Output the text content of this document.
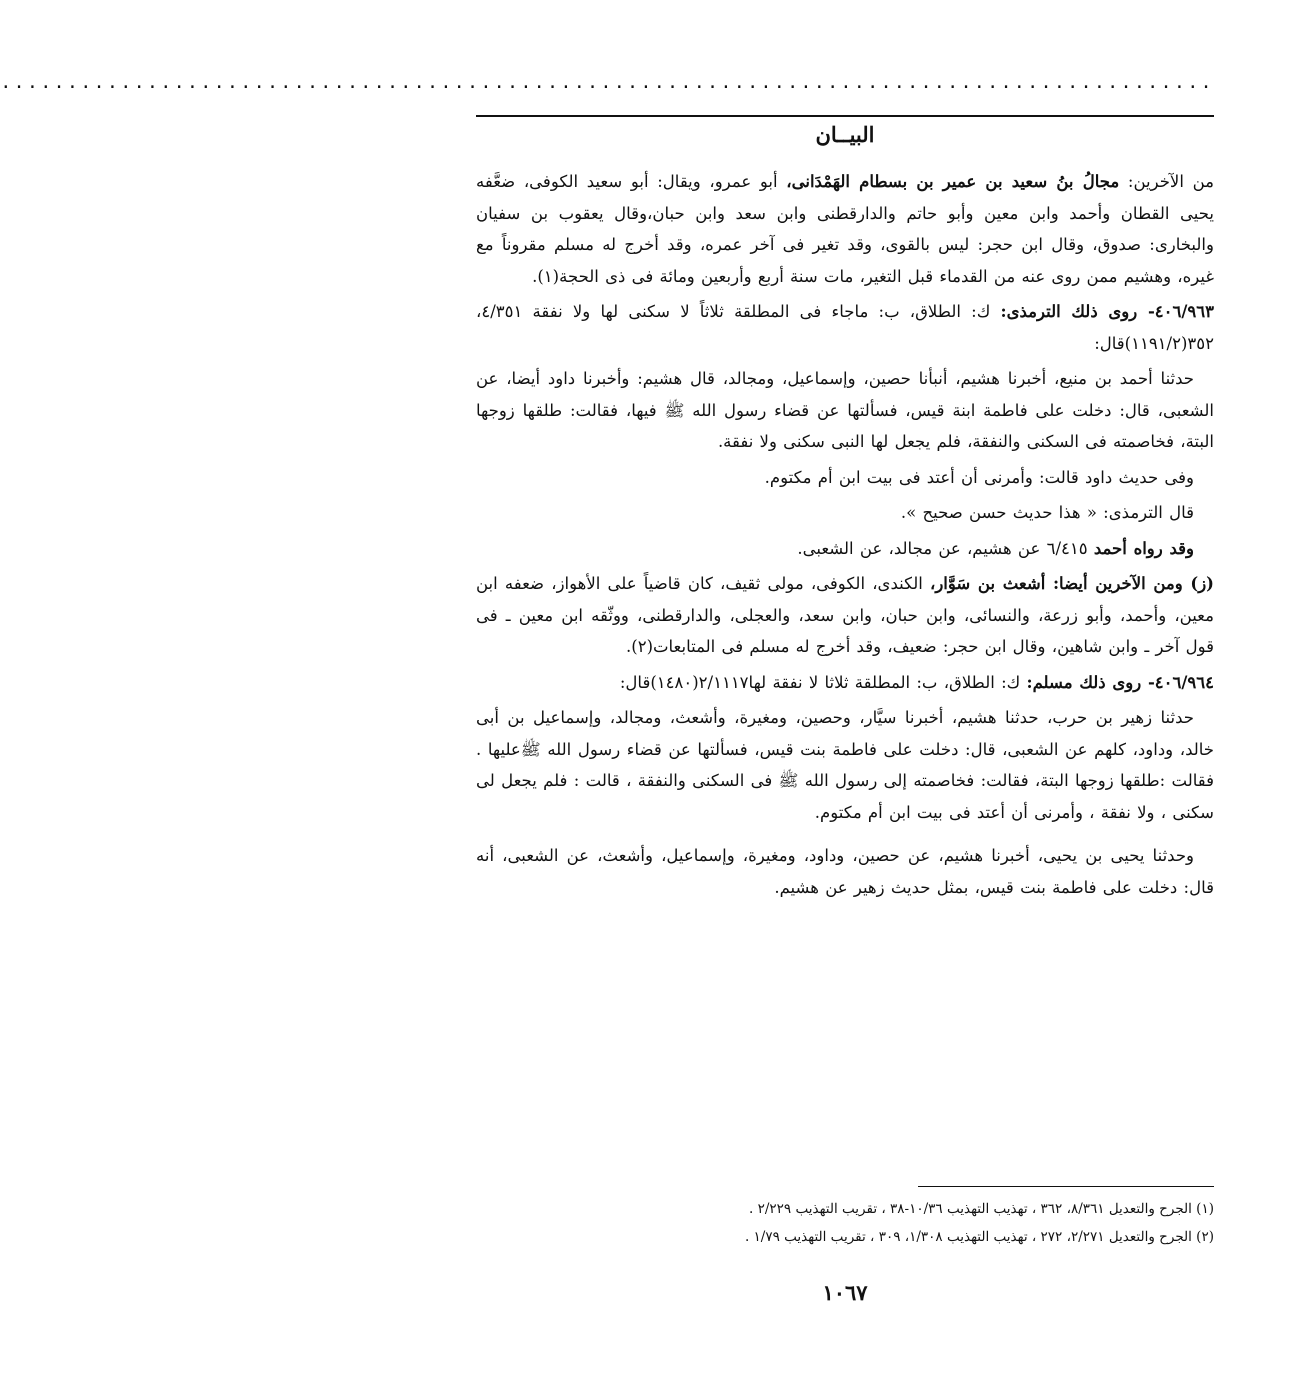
...........................................................................................
البيــان

من الآخرين: مجالُ بنُ سعيد بن عمير بن بسطام الهَمْدَانى، أبو عمرو، ويقال: أبو سعيد الكوفى، ضعَّفه يحيى القطان وأحمد وابن معين وأبو حاتم والدارقطنى وابن سعد وابن حبان،وقال يعقوب بن سفيان والبخارى: صدوق، وقال ابن حجر: ليس بالقوى، وقد تغير فى آخر عمره، وقد أخرج له مسلم مقروناً مع غيره، وهشيم ممن روى عنه من القدماء قبل التغير، مات سنة أربع وأربعين ومائة فى ذى الحجة(١).

٤٠٦/٩٦٣- روى ذلك الترمذى: ك: الطلاق، ب: ماجاء فى المطلقة ثلاثاً لا سكنى لها ولا نفقة ٤/٣٥١، ٣٥٢(١١٩١/٢)قال:

حدثنا أحمد بن منيع، أخبرنا هشيم، أنبأنا حصين، وإسماعيل، ومجالد، قال هشيم: وأخبرنا داود أيضا، عن الشعبى، قال: دخلت على فاطمة ابنة قيس، فسألتها عن قضاء رسول الله ﷺ فيها، فقالت: طلقها زوجها البتة، فخاصمته فى السكنى والنفقة، فلم يجعل لها النبى سكنى ولا نفقة.

وفى حديث داود قالت: وأمرنى أن أعتد فى بيت ابن أم مكتوم.

قال الترمذى: « هذا حديث حسن صحيح ».

وقد رواه أحمد ٦/٤١٥ عن هشيم، عن مجالد، عن الشعبى.

(ز) ومن الآخرين أيضا: أشعث بن سَوَّار، الكندى، الكوفى، مولى ثقيف، كان قاضياً على الأهواز، ضعفه ابن معين، وأحمد، وأبو زرعة، والنسائى، وابن حبان، وابن سعد، والعجلى، والدارقطنى، ووثّقه ابن معين ـ فى قول آخر ـ وابن شاهين، وقال ابن حجر: ضعيف، وقد أخرج له مسلم فى المتابعات(٢).

٤٠٦/٩٦٤- روى ذلك مسلم: ك: الطلاق، ب: المطلقة ثلاثا لا نفقة لها٢/١١١٧(١٤٨٠)قال:

حدثنا زهير بن حرب، حدثنا هشيم، أخبرنا سيَّار، وحصين، ومغيرة، وأشعث، ومجالد، وإسماعيل بن أبى خالد، وداود، كلهم عن الشعبى، قال: دخلت على فاطمة بنت قيس، فسألتها عن قضاء رسول الله ﷺعليها . فقالت :طلقها زوجها البتة، فقالت: فخاصمته إلى رسول الله ﷺ فى السكنى والنفقة ، قالت : فلم يجعل لى سكنى ، ولا نفقة ، وأمرنى أن أعتد فى بيت ابن أم مكتوم.

وحدثنا يحيى بن يحيى، أخبرنا هشيم، عن حصين، وداود، ومغيرة، وإسماعيل، وأشعث، عن الشعبى، أنه قال: دخلت على فاطمة بنت قيس، بمثل حديث زهير عن هشيم.

(١) الجرح والتعديل ٨/٣٦١، ٣٦٢ ، تهذيب التهذيب ١٠/٣٦-٣٨ ، تقريب التهذيب ٢/٢٢٩ .

(٢) الجرح والتعديل ٢/٢٧١، ٢٧٢ ، تهذيب التهذيب ١/٣٠٨، ٣٠٩ ، تقريب التهذيب ١/٧٩ .

١٠٦٧
